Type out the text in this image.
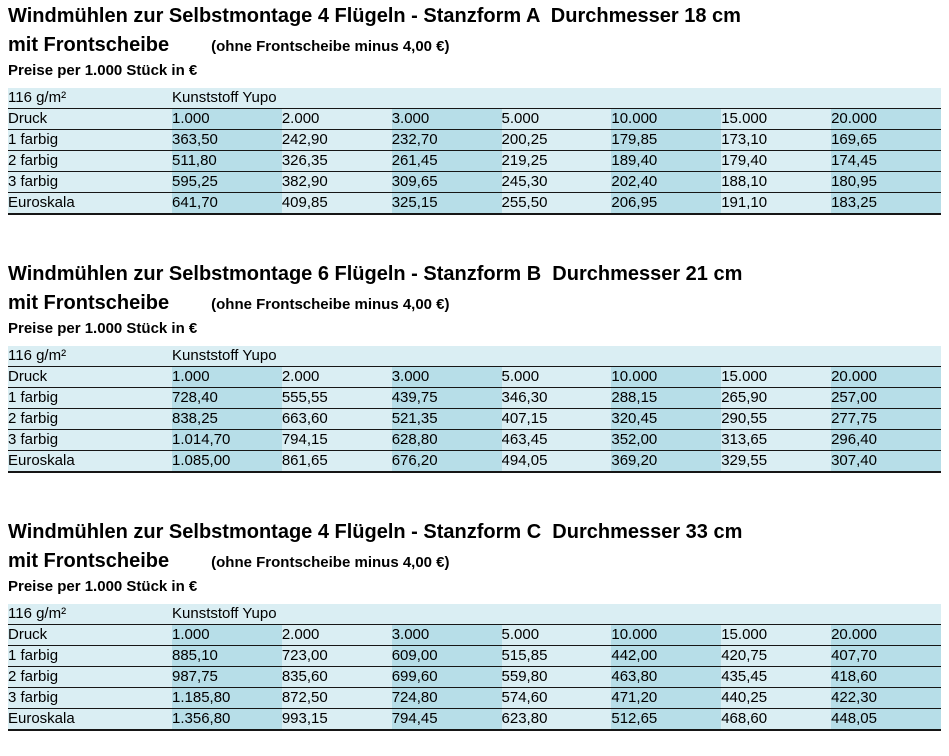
Windmühlen zur Selbstmontage 4 Flügeln - Stanzform A  Durchmesser 18 cm
mit Frontscheibe	(ohne Frontscheibe minus 4,00 €)
Preise per 1.000 Stück in €
116 g/m²	Kunststoff Yupo						
Druck	1.000	2.000	3.000	5.000	10.000	15.000	20.000
1 farbig	363,50	242,90	232,70	200,25	179,85	173,10	169,65
2 farbig	511,80	326,35	261,45	219,25	189,40	179,40	174,45
3 farbig	595,25	382,90	309,65	245,30	202,40	188,10	180,95
Euroskala	641,70	409,85	325,15	255,50	206,95	191,10	183,25
Windmühlen zur Selbstmontage 6 Flügeln - Stanzform B  Durchmesser 21 cm
mit Frontscheibe	(ohne Frontscheibe minus 4,00 €)
Preise per 1.000 Stück in €
116 g/m²	Kunststoff Yupo						
Druck	1.000	2.000	3.000	5.000	10.000	15.000	20.000
1 farbig	728,40	555,55	439,75	346,30	288,15	265,90	257,00
2 farbig	838,25	663,60	521,35	407,15	320,45	290,55	277,75
3 farbig	1.014,70	794,15	628,80	463,45	352,00	313,65	296,40
Euroskala	1.085,00	861,65	676,20	494,05	369,20	329,55	307,40
Windmühlen zur Selbstmontage 4 Flügeln - Stanzform C  Durchmesser 33 cm
mit Frontscheibe	(ohne Frontscheibe minus 4,00 €)
Preise per 1.000 Stück in €
116 g/m²	Kunststoff Yupo						
Druck	1.000	2.000	3.000	5.000	10.000	15.000	20.000
1 farbig	885,10	723,00	609,00	515,85	442,00	420,75	407,70
2 farbig	987,75	835,60	699,60	559,80	463,80	435,45	418,60
3 farbig	1.185,80	872,50	724,80	574,60	471,20	440,25	422,30
Euroskala	1.356,80	993,15	794,45	623,80	512,65	468,60	448,05
